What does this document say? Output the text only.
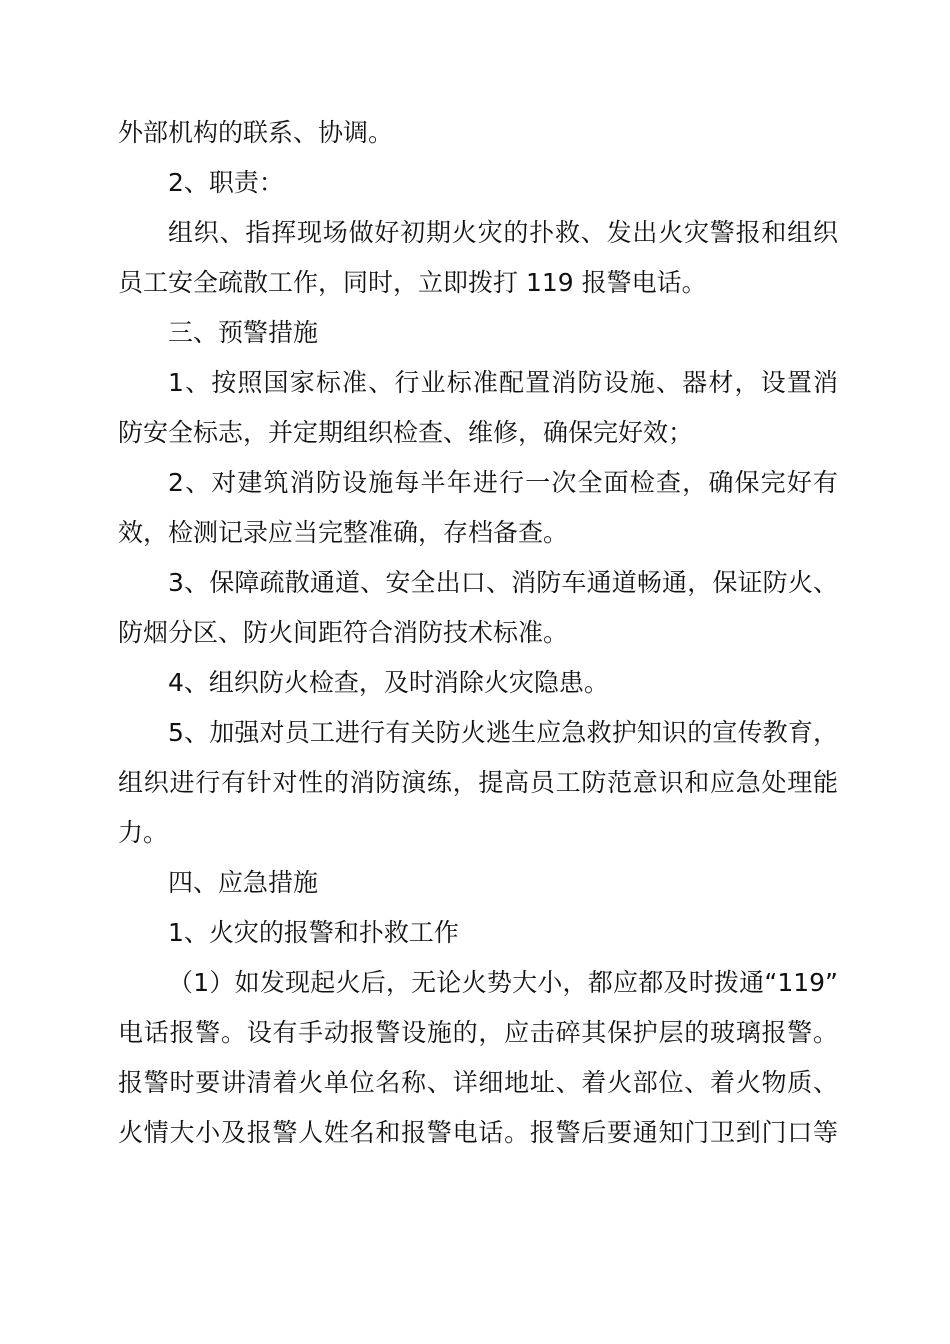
外部机构的联系、协调。
2、职责：
组织、指挥现场做好初期火灾的扑救、发出火灾警报和组织
员工安全疏散工作，同时，立即拨打 119 报警电话。
三、预警措施
1、按照国家标准、行业标准配置消防设施、器材，设置消
防安全标志，并定期组织检查、维修，确保完好效；
2、对建筑消防设施每半年进行一次全面检查，确保完好有
效，检测记录应当完整准确，存档备查。
3、保障疏散通道、安全出口、消防车通道畅通，保证防火、
防烟分区、防火间距符合消防技术标准。
4、组织防火检查，及时消除火灾隐患。
5、加强对员工进行有关防火逃生应急救护知识的宣传教育，
组织进行有针对性的消防演练，提高员工防范意识和应急处理能
力。
四、应急措施
1、火灾的报警和扑救工作
（1）如发现起火后，无论火势大小，都应都及时拨通“119”
电话报警。设有手动报警设施的，应击碎其保护层的玻璃报警。
报警时要讲清着火单位名称、详细地址、着火部位、着火物质、
火情大小及报警人姓名和报警电话。报警后要通知门卫到门口等
